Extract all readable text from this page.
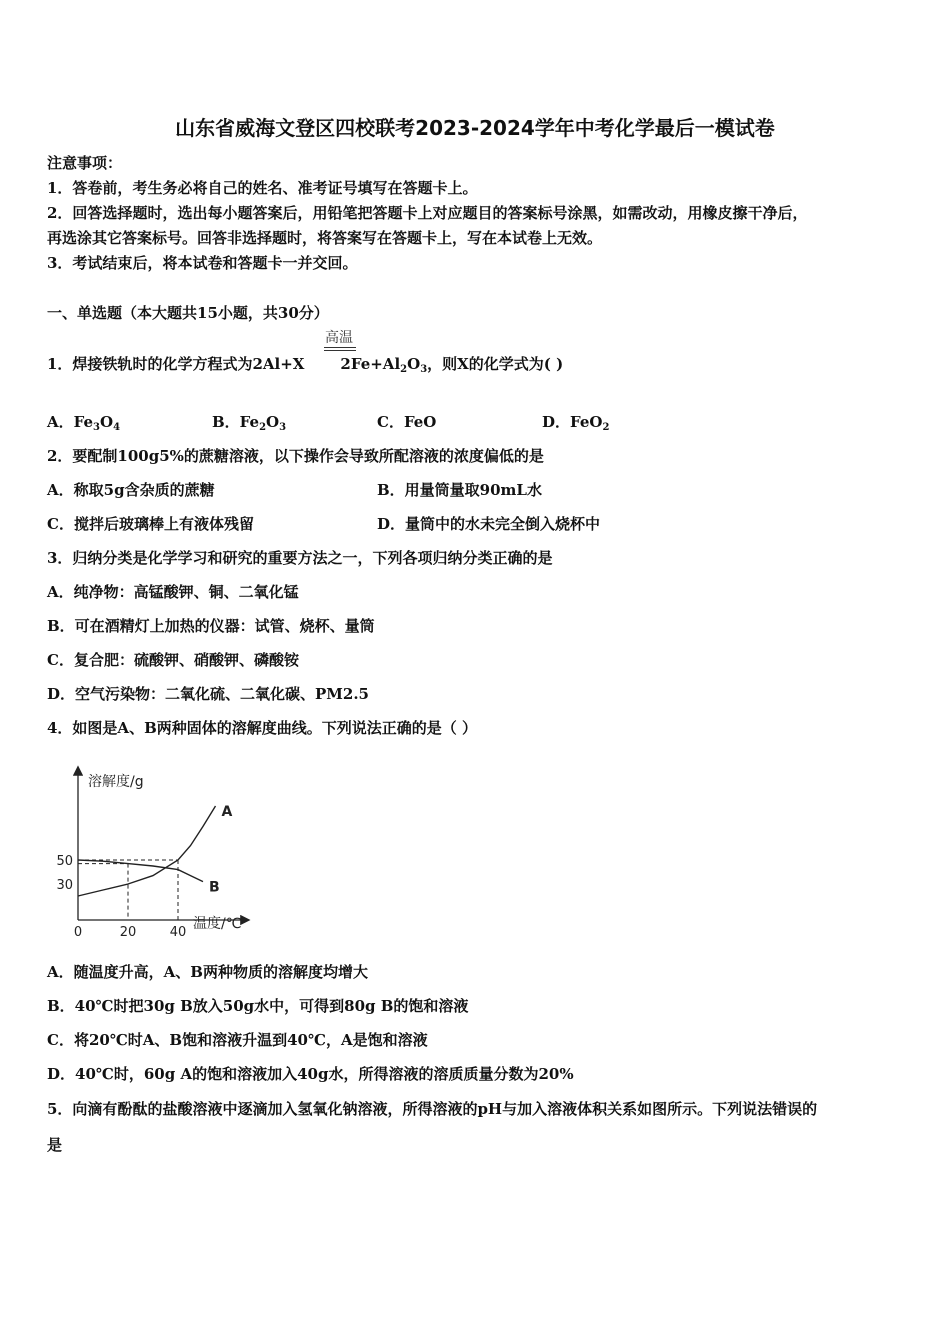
山东省威海文登区四校联考2023-2024学年中考化学最后一模试卷
注意事项：
1．答卷前，考生务必将自己的姓名、准考证号填写在答题卡上。
2．回答选择题时，选出每小题答案后，用铅笔把答题卡上对应题目的答案标号涂黑，如需改动，用橡皮擦干净后，
再选涂其它答案标号。回答非选择题时，将答案写在答题卡上，写在本试卷上无效。
3．考试结束后，将本试卷和答题卡一并交回。
一、单选题（本大题共15小题，共30分）
1．焊接铁轨时的化学方程式为2Al+X $2Fe+Al_2O_3$，则X的化学式为( )
高温
A．$Fe_3O_4$	B．$Fe_2O_3$	C．FeO	D．FeO$_2$
2．要配制100g5%的蔗糖溶液，以下操作会导致所配溶液的浓度偏低的是
A．称取5g含杂质的蔗糖	B．用量筒量取90mL水
C．搅拌后玻璃棒上有液体残留	D．量筒中的水未完全倒入烧杯中
3．归纳分类是化学学习和研究的重要方法之一，下列各项归纳分类正确的是
A．纯净物：高锰酸钾、铜、二氧化锰
B．可在酒精灯上加热的仪器：试管、烧杯、量筒
C．复合肥：硫酸钾、硝酸钾、磷酸铵
D．空气污染物：二氧化硫、二氧化碳、PM2.5
4．如图是A、B两种固体的溶解度曲线。下列说法正确的是（ ）
溶解度/g
温度/℃
A
B
0	20	40
30
50
A．随温度升高，A、B两种物质的溶解度均增大
B．40℃时把30g B放入50g水中，可得到80g B的饱和溶液
C．将20℃时A、B饱和溶液升温到40℃，A是饱和溶液
D．40℃时，60g A的饱和溶液加入40g水，所得溶液的溶质质量分数为20%
5．向滴有酚酞的盐酸溶液中逐滴加入氢氧化钠溶液，所得溶液的pH与加入溶液体积关系如图所示。下列说法错误的
是
